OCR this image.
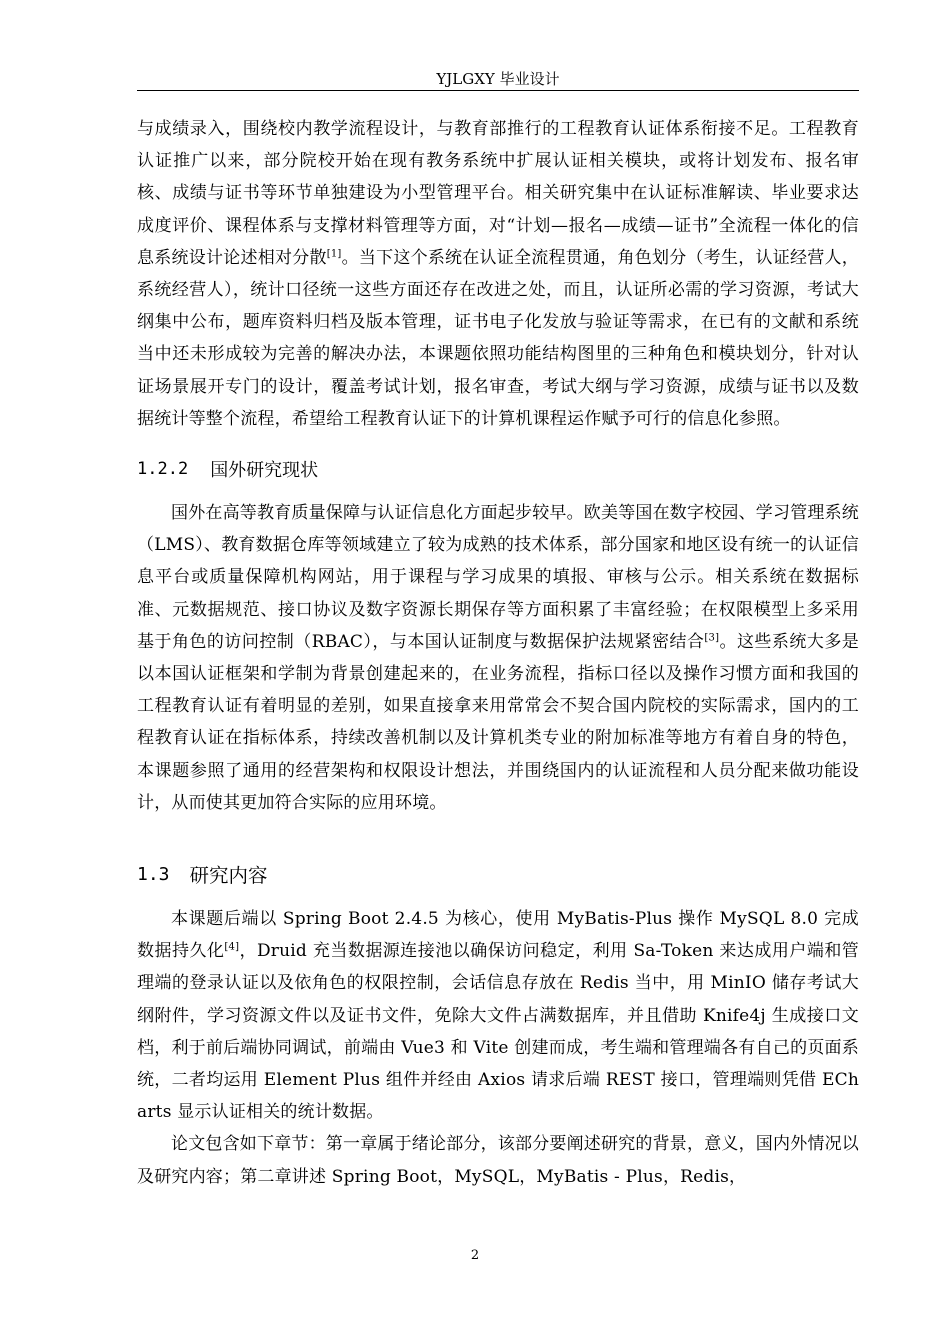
YJLGXY 毕业设计

与成绩录入，围绕校内教学流程设计，与教育部推行的工程教育认证体系衔接不足。工程教育认证推广以来，部分院校开始在现有教务系统中扩展认证相关模块，或将计划发布、报名审核、成绩与证书等环节单独建设为小型管理平台。相关研究集中在认证标准解读、毕业要求达成度评价、课程体系与支撑材料管理等方面，对“计划—报名—成绩—证书”全流程一体化的信息系统设计论述相对分散[1]。当下这个系统在认证全流程贯通，角色划分（考生，认证经营人，系统经营人），统计口径统一这些方面还存在改进之处，而且，认证所必需的学习资源，考试大纲集中公布，题库资料归档及版本管理，证书电子化发放与验证等需求，在已有的文献和系统当中还未形成较为完善的解决办法，本课题依照功能结构图里的三种角色和模块划分，针对认证场景展开专门的设计，覆盖考试计划，报名审查，考试大纲与学习资源，成绩与证书以及数据统计等整个流程，希望给工程教育认证下的计算机课程运作赋予可行的信息化参照。

1.2.2 国外研究现状

国外在高等教育质量保障与认证信息化方面起步较早。欧美等国在数字校园、学习管理系统（LMS）、教育数据仓库等领域建立了较为成熟的技术体系，部分国家和地区设有统一的认证信息平台或质量保障机构网站，用于课程与学习成果的填报、审核与公示。相关系统在数据标准、元数据规范、接口协议及数字资源长期保存等方面积累了丰富经验；在权限模型上多采用基于角色的访问控制（RBAC），与本国认证制度与数据保护法规紧密结合[3]。这些系统大多是以本国认证框架和学制为背景创建起来的，在业务流程，指标口径以及操作习惯方面和我国的工程教育认证有着明显的差别，如果直接拿来用常常会不契合国内院校的实际需求，国内的工程教育认证在指标体系，持续改善机制以及计算机类专业的附加标准等地方有着自身的特色，本课题参照了通用的经营架构和权限设计想法，并围绕国内的认证流程和人员分配来做功能设计，从而使其更加符合实际的应用环境。

1.3 研究内容

本课题后端以 Spring Boot 2.4.5 为核心，使用 MyBatis-Plus 操作 MySQL 8.0 完成数据持久化[4]，Druid 充当数据源连接池以确保访问稳定，利用 Sa-Token 来达成用户端和管理端的登录认证以及依角色的权限控制，会话信息存放在 Redis 当中，用 MinIO 储存考试大纲附件，学习资源文件以及证书文件，免除大文件占满数据库，并且借助 Knife4j 生成接口文档，利于前后端协同调试，前端由 Vue3 和 Vite 创建而成，考生端和管理端各有自己的页面系统，二者均运用 Element Plus 组件并经由 Axios 请求后端 REST 接口，管理端则凭借 ECharts 显示认证相关的统计数据。

论文包含如下章节：第一章属于绪论部分，该部分要阐述研究的背景，意义，国内外情况以及研究内容；第二章讲述 Spring Boot，MySQL，MyBatis - Plus，Redis，

2
